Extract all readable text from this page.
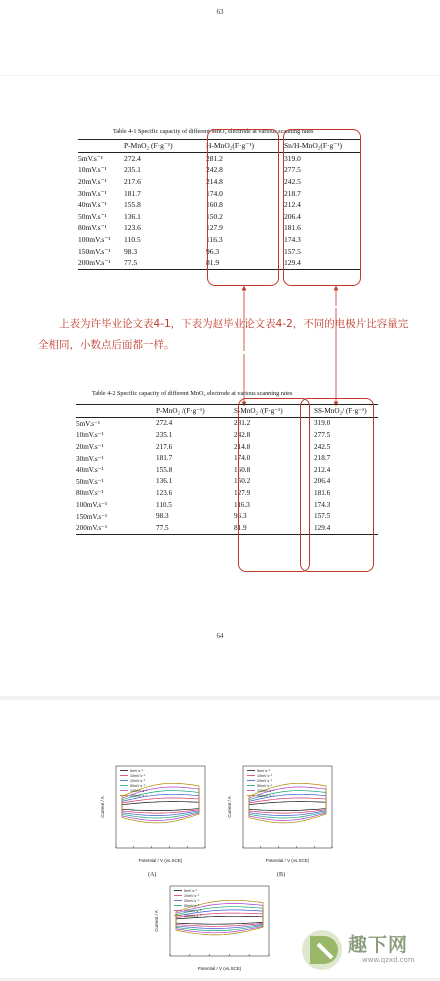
63
Table 4-1 Specific capacity of different MnO₂ electrode at various scanning rates
	P-MnO₂ (F·g⁻¹)	H-MnO₂(F·g⁻¹)	Sn/H-MnO₂(F·g⁻¹)
5mV.s⁻¹	272.4	281.2	319.0
10mV.s⁻¹	235.1	242.8	277.5
20mV.s⁻¹	217.6	214.8	242.5
30mV.s⁻¹	181.7	174.0	218.7
40mV.s⁻¹	155.8	160.8	212.4
50mV.s⁻¹	136.1	150.2	206.4
80mV.s⁻¹	123.6	127.9	181.6
100mV.s⁻¹	110.5	116.3	174.3
150mV.s⁻¹	98.3	96.3	157.5
200mV.s⁻¹	77.5	81.9	129.4
上表为许毕业论文表4-1，下表为赵毕业论文表4-2，不同的电极片比容量完全相同，小数点后面都一样。
Table 4-2 Specific capacity of different MnO₂ electrode at various scanning rates
	P-MnO₂ /(F·g⁻¹)	S-MnO₂ /(F·g⁻¹)	SS-MnO₂/ (F·g⁻¹)
5mV.s⁻¹	272.4	281.2	319.0
10mV.s⁻¹	235.1	242.8	277.5
20mV.s⁻¹	217.6	214.8	242.5
30mV.s⁻¹	181.7	174.0	218.7
40mV.s⁻¹	155.8	160.8	212.4
50mV.s⁻¹	136.1	150.2	206.4
80mV.s⁻¹	123.6	127.9	181.6
100mV.s⁻¹	110.5	116.3	174.3
150mV.s⁻¹	98.3	96.3	157.5
200mV.s⁻¹	77.5	81.9	129.4
64
5mV s⁻¹
10mV s⁻¹
20mV s⁻¹
50mV s⁻¹
100mV s⁻¹
200mV s⁻¹
Potential / V (vs.SCE)
Current / A
(A)
5mV s⁻¹
10mV s⁻¹
20mV s⁻¹
50mV s⁻¹
100mV s⁻¹
200mV s⁻¹
Potential / V (vs.SCE)
Current / A
(B)
5mV s⁻¹
10mV s⁻¹
20mV s⁻¹
50mV s⁻¹
100mV s⁻¹
200mV s⁻¹
Potential / V (vs.SCE)
Current / A
趣下网
www.qzxd.com
